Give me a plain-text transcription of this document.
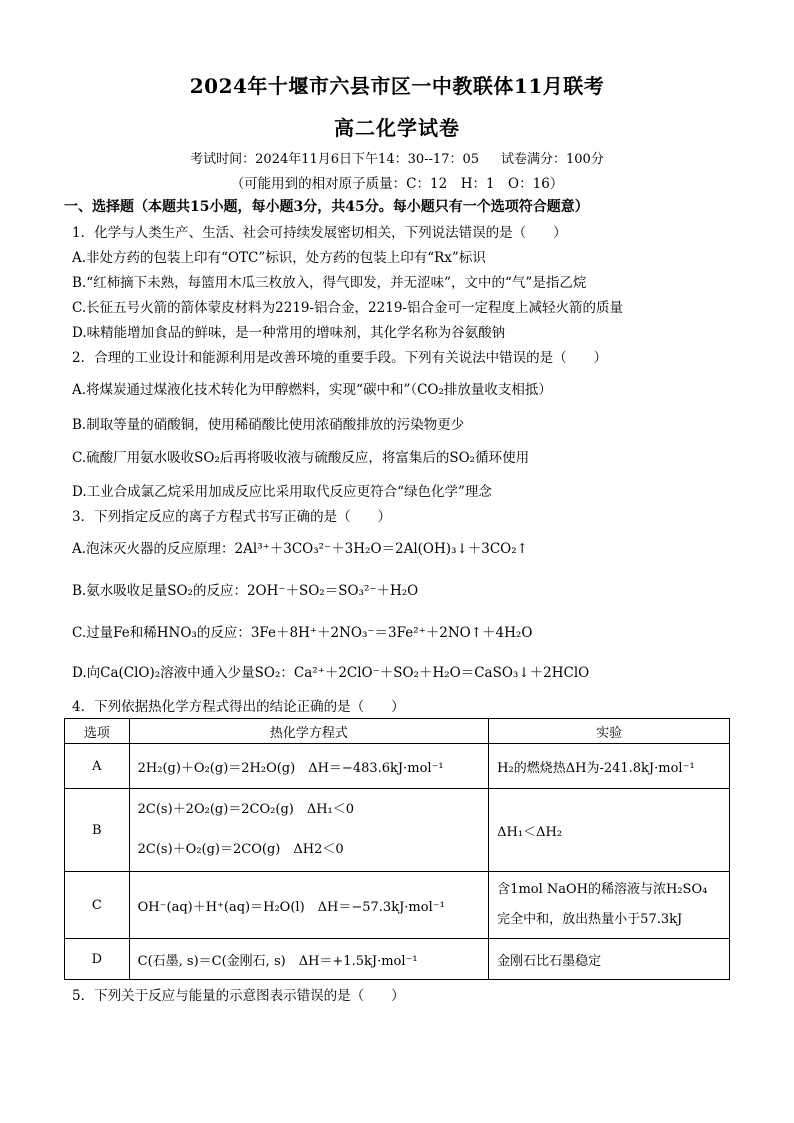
2024年十堰市六县市区一中教联体11月联考
高二化学试卷
考试时间：2024年11月6日下午14：30--17：05 试卷满分：100分
（可能用到的相对原子质量：C：12　H：1　O：16）
一、选择题（本题共15小题，每小题3分，共45分。每小题只有一个选项符合题意）
1．化学与人类生产、生活、社会可持续发展密切相关，下列说法错误的是（　　）
A.非处方药的包装上印有“OTC”标识，处方药的包装上印有“Rx”标识
B.“红柿摘下未熟，每篮用木瓜三枚放入，得气即发，并无涩味”，文中的“气”是指乙烷
C.长征五号火箭的箭体蒙皮材料为2219-铝合金，2219-铝合金可一定程度上减轻火箭的质量
D.味精能增加食品的鲜味，是一种常用的增味剂，其化学名称为谷氨酸钠
2．合理的工业设计和能源利用是改善环境的重要手段。下列有关说法中错误的是（　　）
A.将煤炭通过煤液化技术转化为甲醇燃料，实现“碳中和”（CO₂排放量收支相抵）
B.制取等量的硝酸铜，使用稀硝酸比使用浓硝酸排放的污染物更少
C.硫酸厂用氨水吸收SO₂后再将吸收液与硫酸反应，将富集后的SO₂循环使用
D.工业合成氯乙烷采用加成反应比采用取代反应更符合“绿色化学”理念
3．下列指定反应的离子方程式书写正确的是（　　）
A.泡沫灭火器的反应原理：2Al³⁺＋3CO₃²⁻＋3H₂O＝2Al(OH)₃↓＋3CO₂↑
B.氨水吸收足量SO₂的反应：2OH⁻＋SO₂＝SO₃²⁻＋H₂O
C.过量Fe和稀HNO₃的反应：3Fe＋8H⁺＋2NO₃⁻＝3Fe²⁺＋2NO↑＋4H₂O
D.向Ca(ClO)₂溶液中通入少量SO₂：Ca²⁺＋2ClO⁻＋SO₂＋H₂O＝CaSO₃↓＋2HClO
4．下列依据热化学方程式得出的结论正确的是（　　）
选项	热化学方程式	实验
A	2H₂(g)＋O₂(g)＝2H₂O(g)　ΔH＝−483.6kJ·mol⁻¹	H₂的燃烧热ΔH为-241.8kJ·mol⁻¹
B	2C(s)＋2O₂(g)＝2CO₂(g)　ΔH₁＜0
2C(s)＋O₂(g)＝2CO(g)　ΔH2＜0	ΔH₁＜ΔH₂
C	OH⁻(aq)＋H⁺(aq)＝H₂O(l)　ΔH＝−57.3kJ·mol⁻¹	含1mol NaOH的稀溶液与浓H₂SO₄
完全中和，放出热量小于57.3kJ

D	C(石墨, s)＝C(金刚石, s)　ΔH＝+1.5kJ·mol⁻¹	金刚石比石墨稳定
5．下列关于反应与能量的示意图表示错误的是（　　）
